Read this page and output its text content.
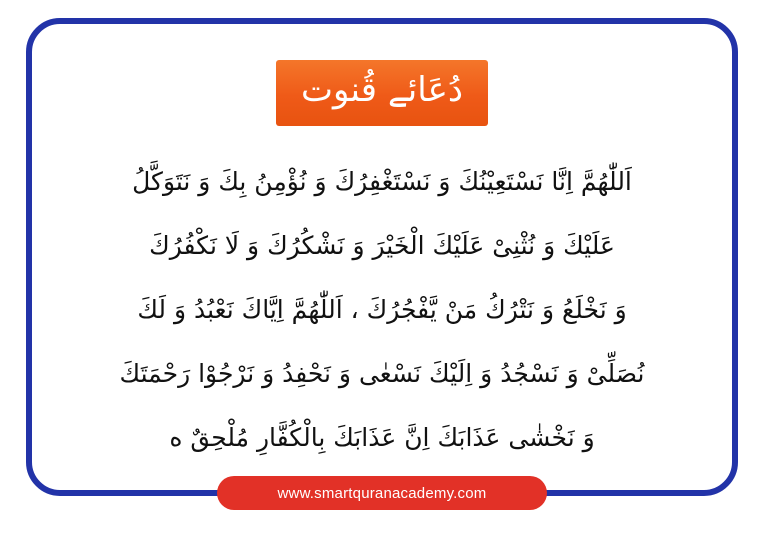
دُعَائے قُنوت
اَللّٰهُمَّ اِنَّا نَسْتَعِيْنُكَ وَ نَسْتَغْفِرُكَ وَ نُؤْمِنُ بِكَ وَ نَتَوَكَّلُ
عَلَيْكَ وَ نُثْنِىْ عَلَيْكَ الْخَيْرَ وَ نَشْكُرُكَ وَ لَا نَكْفُرُكَ
وَ نَخْلَعُ وَ نَتْرُكُ مَنْ يَّفْجُرُكَ ، اَللّٰهُمَّ اِيَّاكَ نَعْبُدُ وَ لَكَ
نُصَلِّىْ وَ نَسْجُدُ وَ اِلَيْكَ نَسْعٰى وَ نَحْفِدُ وَ نَرْجُوْا رَحْمَتَكَ
وَ نَخْشٰى عَذَابَكَ اِنَّ عَذَابَكَ بِالْكُفَّارِ مُلْحِقٌ ه
www.smartquranacademy.com
